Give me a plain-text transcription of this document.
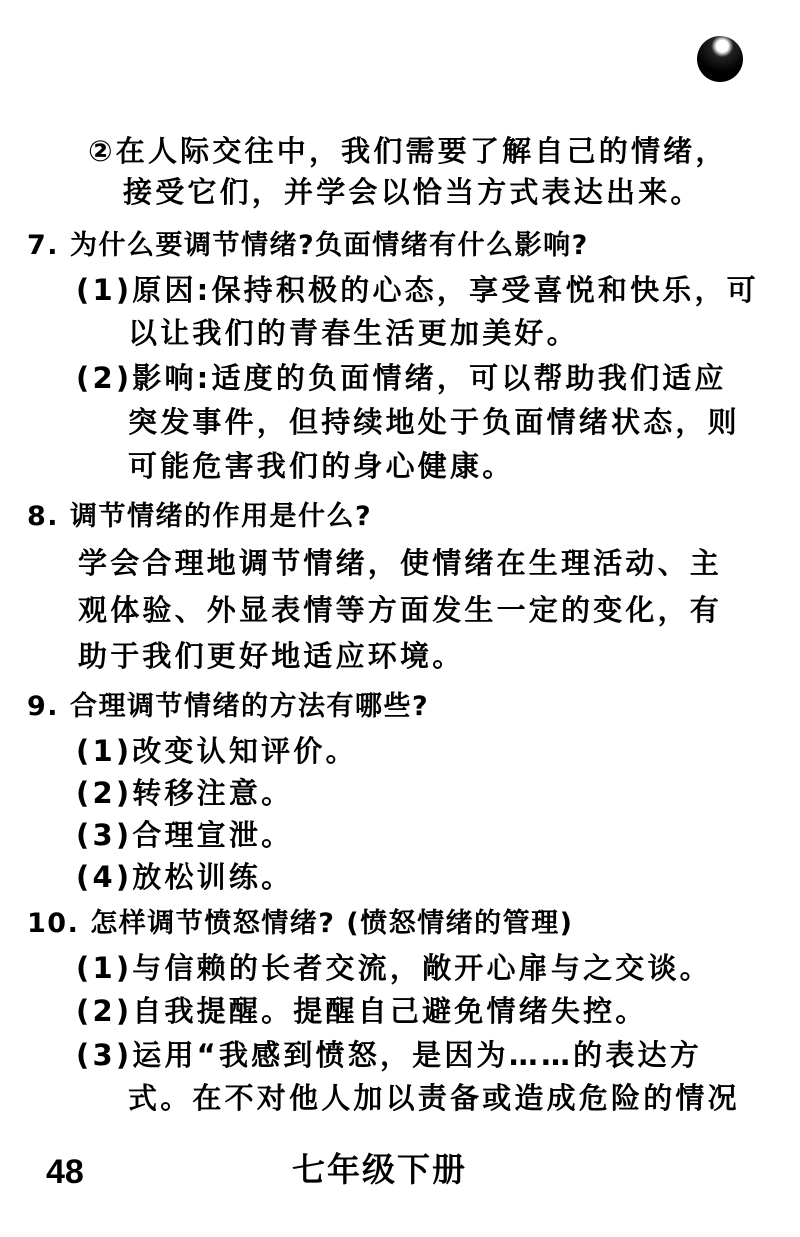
②在人际交往中，我们需要了解自己的情绪，
接受它们，并学会以恰当方式表达出来。
7. 为什么要调节情绪?负面情绪有什么影响?
(1)原因:保持积极的心态，享受喜悦和快乐，可
以让我们的青春生活更加美好。
(2)影响:适度的负面情绪，可以帮助我们适应
突发事件，但持续地处于负面情绪状态，则
可能危害我们的身心健康。
8. 调节情绪的作用是什么?
学会合理地调节情绪，使情绪在生理活动、主
观体验、外显表情等方面发生一定的变化，有
助于我们更好地适应环境。
9. 合理调节情绪的方法有哪些?
(1)改变认知评价。
(2)转移注意。
(3)合理宣泄。
(4)放松训练。
10. 怎样调节愤怒情绪? (愤怒情绪的管理)
(1)与信赖的长者交流，敞开心扉与之交谈。
(2)自我提醒。提醒自己避免情绪失控。
(3)运用“我感到愤怒，是因为……的表达方
式。在不对他人加以责备或造成危险的情况
48	七年级下册
